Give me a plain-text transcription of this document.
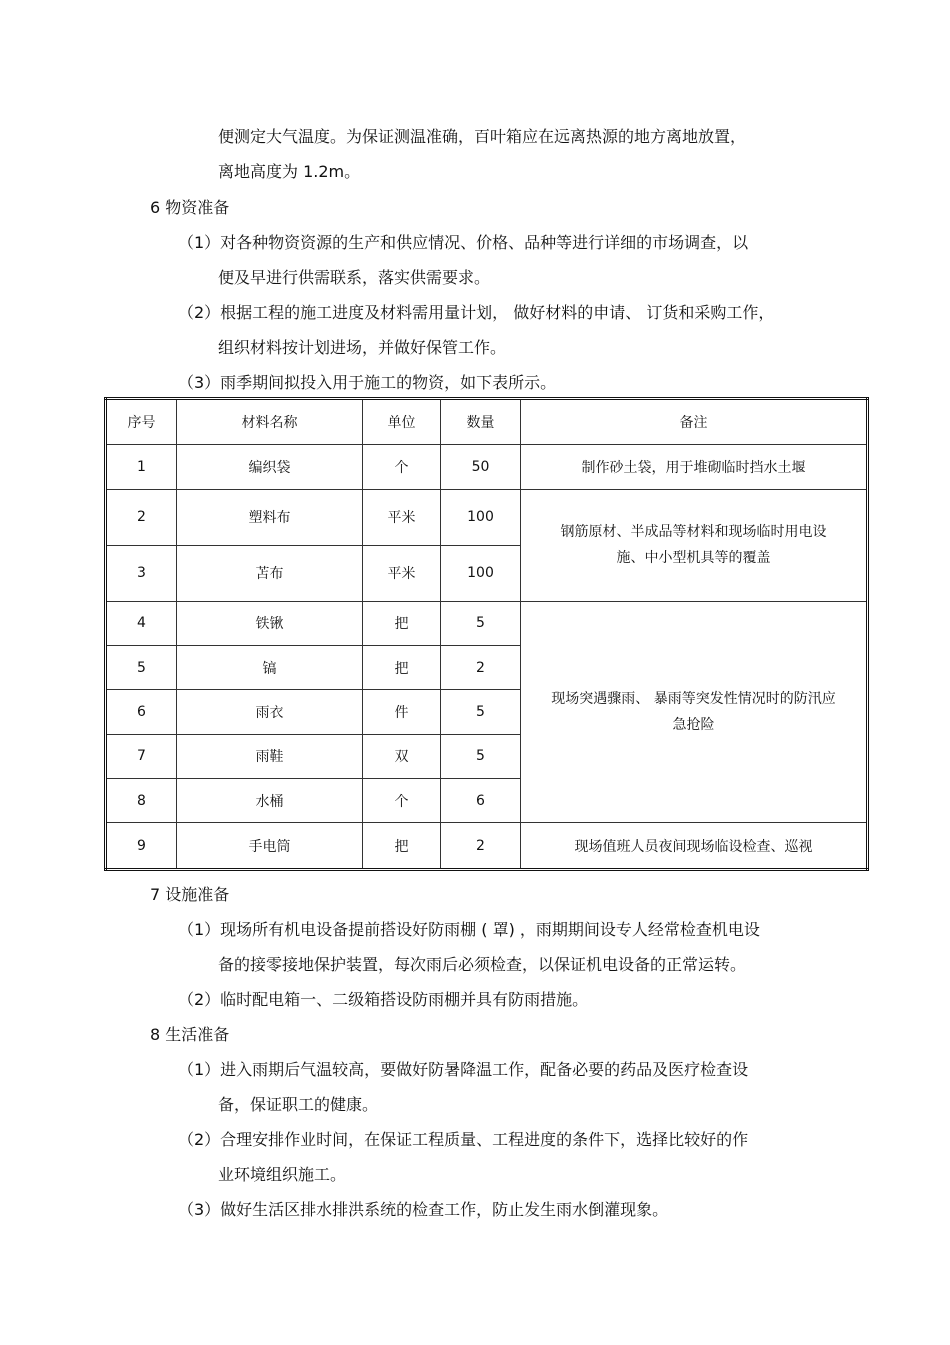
便测定大气温度。为保证测温准确，百叶箱应在远离热源的地方离地放置，
离地高度为 1.2m。
6 物资准备
（1）对各种物资资源的生产和供应情况、价格、品种等进行详细的市场调查，以
便及早进行供需联系，落实供需要求。
（2）根据工程的施工进度及材料需用量计划， 做好材料的申请、 订货和采购工作，
组织材料按计划进场，并做好保管工作。
（3）雨季期间拟投入用于施工的物资，如下表所示。
序号	材料名称	单位	数量	备注
1	编织袋	个	50	制作砂土袋，用于堆砌临时挡水土堰
2	塑料布	平米	100	钢筋原材、半成品等材料和现场临时用电设
施、中小型机具等的覆盖

3	苫布	平米	100	
4	铁锹	把	5	现场突遇骤雨、 暴雨等突发性情况时的防汛应
急抢险

5	镐	把	2	
6	雨衣	件	5	
7	雨鞋	双	5	
8	水桶	个	6	
9	手电筒	把	2	现场值班人员夜间现场临设检查、巡视
7 设施准备
（1）现场所有机电设备提前搭设好防雨棚 ( 罩) ，雨期期间设专人经常检查机电设
备的接零接地保护装置，每次雨后必须检查，以保证机电设备的正常运转。
（2）临时配电箱一、二级箱搭设防雨棚并具有防雨措施。
8 生活准备
（1）进入雨期后气温较高，要做好防暑降温工作，配备必要的药品及医疗检查设
备，保证职工的健康。
（2）合理安排作业时间，在保证工程质量、工程进度的条件下，选择比较好的作
业环境组织施工。
（3）做好生活区排水排洪系统的检查工作，防止发生雨水倒灌现象。
